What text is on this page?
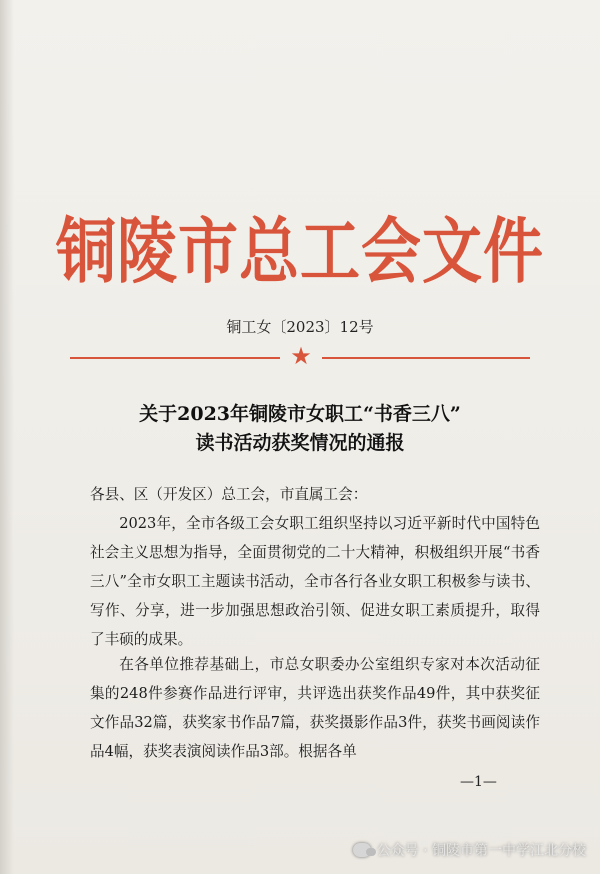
铜陵市总工会文件
铜工女〔2023〕12号
★
关于2023年铜陵市女职工“书香三八”
读书活动获奖情况的通报
各县、区（开发区）总工会，市直属工会：
2023年，全市各级工会女职工组织坚持以习近平新时代中国特色社会主义思想为指导，全面贯彻党的二十大精神，积极组织开展“书香三八”全市女职工主题读书活动，全市各行各业女职工积极参与读书、写作、分享，进一步加强思想政治引领、促进女职工素质提升，取得了丰硕的成果。
在各单位推荐基础上，市总女职委办公室组织专家对本次活动征集的248件参赛作品进行评审，共评选出获奖作品49件，其中获奖征文作品32篇，获奖家书作品7篇，获奖摄影作品3件，获奖书画阅读作品4幅，获奖表演阅读作品3部。根据各单
—1—
公众号 · 铜陵市第一中学江北分校
